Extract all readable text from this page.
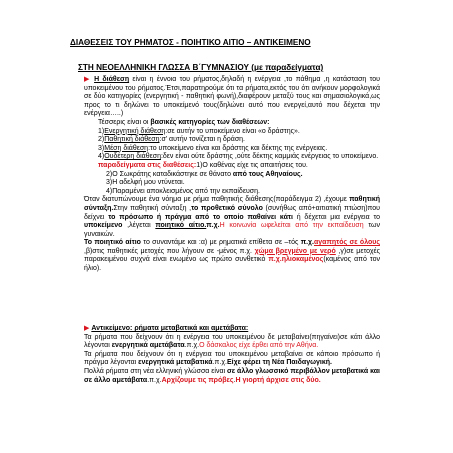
ΔΙΑΘΕΣΕΙΣ ΤΟΥ ΡΗΜΑΤΟΣ - ΠΟΙΗΤΙΚΟ ΑΙΤΙΟ – ΑΝΤΙΚΕΙΜΕΝΟ
ΣΤΗ ΝΕΟΕΛΛΗΝΙΚΗ ΓΛΩΣΣΑ Β΄ΓΥΜΝΑΣΙΟΥ (με παραδείγματα)

▶ Η διάθεση είναι η έννοια του ρήματος,δηλαδή η ενέργεια ,το πάθημα ,η κατάσταση του υποκειμένου του ρήματος.Έτσι,παρατηρούμε ότι τα ρήματα,εκτός του ότι ανήκουν μορφολογικά σε δύο κατηγορίες (ενεργητική - παθητική φωνή),διαφέρουν μεταξύ τους και σημασιολογικά,ως προς το τι δηλώνει το υποκείμενό τους(δηλώνει αυτό που ενεργεί,αυτό που δέχεται την ενέργεια…..)

Τέσσερις είναι οι βασικές κατηγορίες των διαθέσεων:

1)Ενεργητική διάθεση:σε αυτήν το υποκείμενο είναι «ο δράστης».

2)Παθητική διάθεση:σ' αυτήν τονίζεται η δράση.

3)Μέση διάθεση:το υποκείμενο είναι και δράστης και δέκτης της ενέργειας.

4)Ουδέτερη διάθεση:δεν είναι ούτε δράστης ,ούτε δέκτης καμμιάς ενέργειας το υποκείμενο.

παραδείγματα στις διαθέσεις:1)Ο καθένας είχε τις απαιτήσεις του.

2)Ο Σωκράτης καταδικάστηκε σε θάνατο από τους Αθηναίους.

3)Η αδελφή μου ντύνεται.

4)Παραμένει αποκλεισμένος από την εκπαίδευση.

Όταν διατυπώνουμε ένα νόημα με ρήμα παθητικής διάθεσης(παράδειγμα 2) ,έχουμε παθητική σύνταξη.Στην παθητική σύνταξη ,το προθετικό σύνολο (συνήθως από+αιτιατική πτώση)που δείχνει το πρόσωπο ή πράγμα από το οποίο παθαίνει κάτι ή δέχεται μια ενέργεια το υποκείμενο ,λέγεται ποιητικό αίτιο.π.χ.Η κοινωνία ωφελείται από την εκπαίδευση των γυναικών.

Το ποιητικό αίτιο το συναντάμε και :α) με ρηματικά επίθετα σε –τός π.χ.αγαπητός σε όλους ,β)στις παθητικές μετοχές που λήγουν σε -μένος π.χ. χώμα βρεγμένο με νερό ,γ)σε μετοχές παρακειμένου συχνά είναι ενωμένο ως πρώτο συνθετικό π.χ.ηλιοκαμένος(καμένος από τον ήλιο).

▶ Αντικείμενο: ρήματα μεταβατικά και αμετάβατα:

Τα ρήματα που δείχνουν ότι η ενέργεια του υποκειμένου δε μεταβαίνει(πηγαίνει)σε κάτι άλλο λέγονται ενεργητικά αμετάβατα.π.χ.Ο δάσκαλος είχε έρθει από την Αθήνα.

Τα ρήματα που δείχνουν ότι η ενέργεια του υποκειμένου μεταβαίνει σε κάποιο πρόσωπο ή πράγμα λέγονται ενεργητικά μεταβατικά.π.χ.Είχε φέρει τη Νέα Παιδαγωγική.

Πολλά ρήματα στη νέα ελληνική γλώσσα είναι σε άλλο γλωσσικό περιβάλλον μεταβατικά και σε άλλο αμετάβατα.π.χ.Αρχίζουμε τις πρόβες.Η γιορτή άρχισε στις δύο.
